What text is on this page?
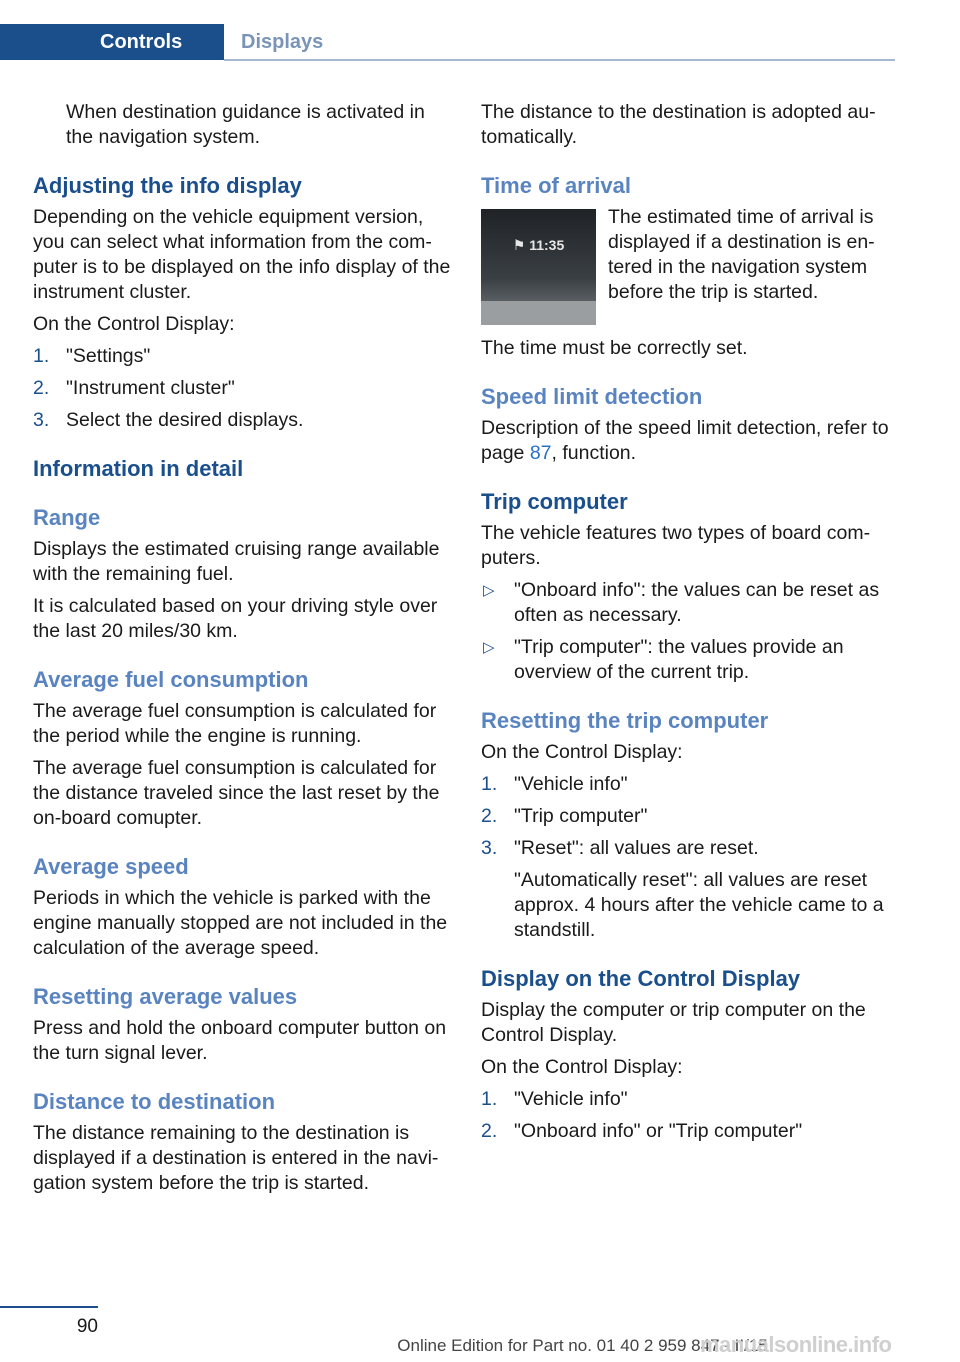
Controls	Displays

When destination guidance is activated in the navigation system.

Adjusting the info display

Depending on the vehicle equipment version, you can select what information from the com‐puter is to be displayed on the info display of the instrument cluster.

On the Control Display:

1. "Settings"
2. "Instrument cluster"
3. Select the desired displays.
Information in detail
Range

Displays the estimated cruising range available with the remaining fuel.

It is calculated based on your driving style over the last 20 miles/30 km.

Average fuel consumption

The average fuel consumption is calculated for the period while the engine is running.

The average fuel consumption is calculated for the distance traveled since the last reset by the on-board comupter.

Average speed

Periods in which the vehicle is parked with the engine manually stopped are not included in the calculation of the average speed.

Resetting average values

Press and hold the onboard computer button on the turn signal lever.

Distance to destination

The distance remaining to the destination is displayed if a destination is entered in the navi‐gation system before the trip is started.

The distance to the destination is adopted au‐tomatically.

Time of arrival
⚑ 11:35

The estimated time of arrival is displayed if a destination is en‐tered in the navigation system before the trip is started.

The time must be correctly set.

Speed limit detection

Description of the speed limit detection, refer to page 87, function.

Trip computer

The vehicle features two types of board com‐puters.

▷ "Onboard info": the values can be reset as often as necessary.
▷ "Trip computer": the values provide an overview of the current trip.
Resetting the trip computer

On the Control Display:

1. "Vehicle info"
2. "Trip computer"
3. "Reset": all values are reset.
"Automatically reset": all values are reset approx. 4 hours after the vehicle came to a standstill.
Display on the Control Display

Display the computer or trip computer on the Control Display.

On the Control Display:

1. "Vehicle info"
2. "Onboard info" or "Trip computer"
90
Online Edition for Part no. 01 40 2 959 847 - II/15
manualsonline.info
